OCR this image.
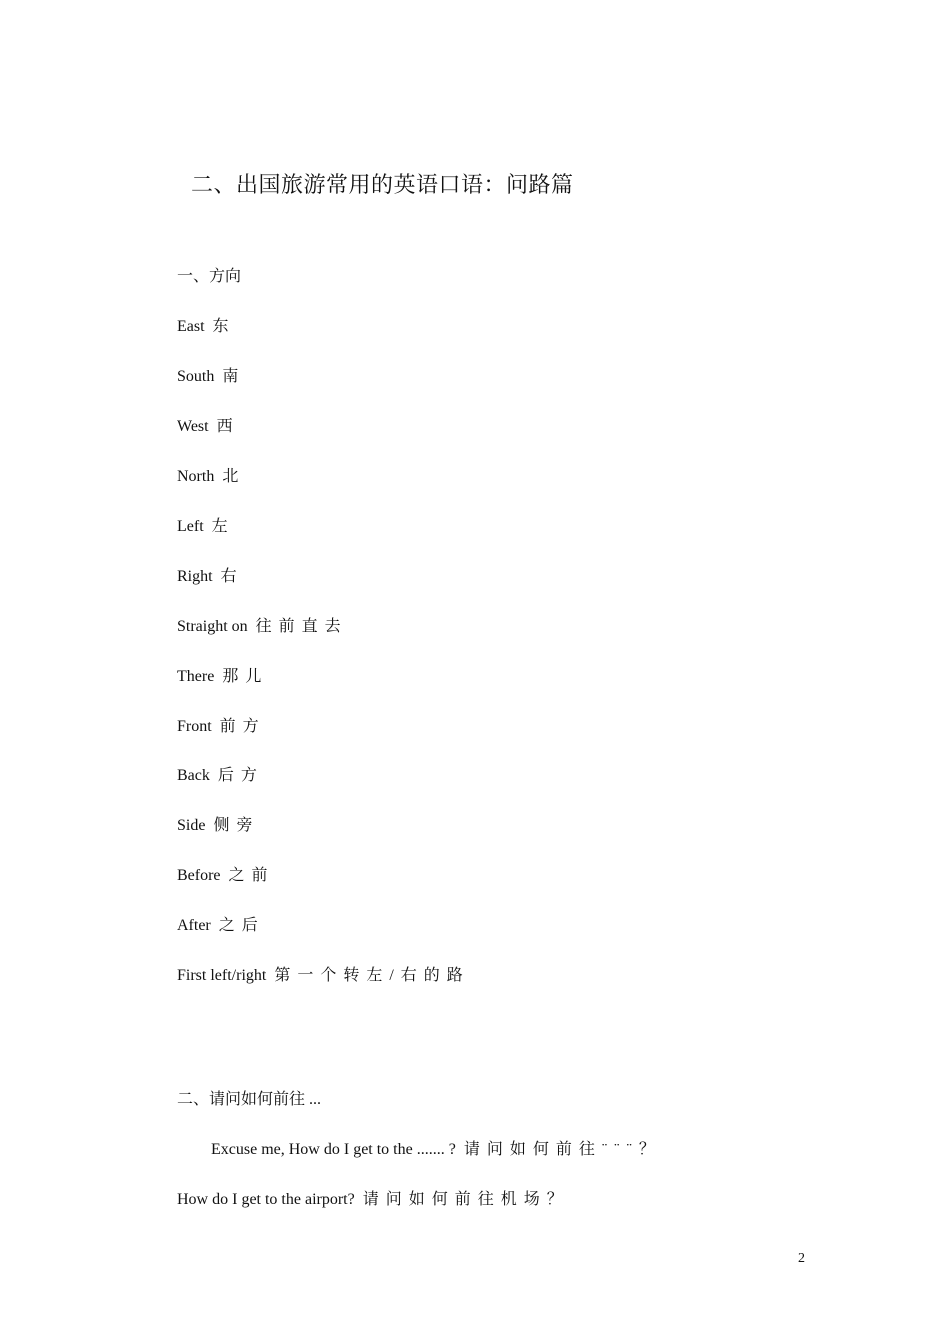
二、出国旅游常用的英语口语：问路篇
一、方向
East 东
South 南
West 西
North 北
Left 左
Right 右
Straight on 往前直去
There 那儿
Front 前方
Back 后方
Side 侧旁
Before 之前
After 之后
First left/right 第一个转左/右的路
二、请问如何前往 ...
Excuse me, How do I get to the ....... ? 请问如何前往¨¨¨？
How do I get to the airport? 请问如何前往机场？
2
